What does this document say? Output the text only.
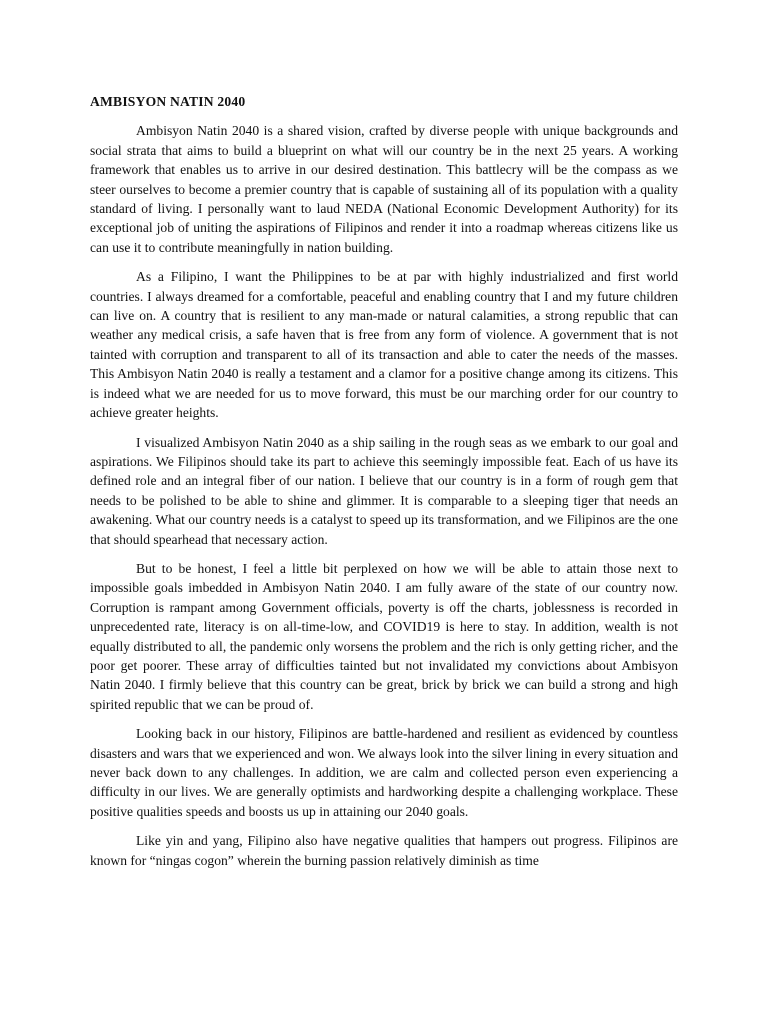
AMBISYON NATIN 2040

Ambisyon Natin 2040 is a shared vision, crafted by diverse people with unique backgrounds and social strata that aims to build a blueprint on what will our country be in the next 25 years. A working framework that enables us to arrive in our desired destination. This battlecry will be the compass as we steer ourselves to become a premier country that is capable of sustaining all of its population with a quality standard of living. I personally want to laud NEDA (National Economic Development Authority) for its exceptional job of uniting the aspirations of Filipinos and render it into a roadmap whereas citizens like us can use it to contribute meaningfully in nation building.

As a Filipino, I want the Philippines to be at par with highly industrialized and first world countries. I always dreamed for a comfortable, peaceful and enabling country that I and my future children can live on. A country that is resilient to any man-made or natural calamities, a strong republic that can weather any medical crisis, a safe haven that is free from any form of violence. A government that is not tainted with corruption and transparent to all of its transaction and able to cater the needs of the masses. This Ambisyon Natin 2040 is really a testament and a clamor for a positive change among its citizens. This is indeed what we are needed for us to move forward, this must be our marching order for our country to achieve greater heights.

I visualized Ambisyon Natin 2040 as a ship sailing in the rough seas as we embark to our goal and aspirations. We Filipinos should take its part to achieve this seemingly impossible feat. Each of us have its defined role and an integral fiber of our nation. I believe that our country is in a form of rough gem that needs to be polished to be able to shine and glimmer. It is comparable to a sleeping tiger that needs an awakening. What our country needs is a catalyst to speed up its transformation, and we Filipinos are the one that should spearhead that necessary action.

But to be honest, I feel a little bit perplexed on how we will be able to attain those next to impossible goals imbedded in Ambisyon Natin 2040. I am fully aware of the state of our country now. Corruption is rampant among Government officials, poverty is off the charts, joblessness is recorded in unprecedented rate, literacy is on all-time-low, and COVID19 is here to stay. In addition, wealth is not equally distributed to all, the pandemic only worsens the problem and the rich is only getting richer, and the poor get poorer. These array of difficulties tainted but not invalidated my convictions about Ambisyon Natin 2040. I firmly believe that this country can be great, brick by brick we can build a strong and high spirited republic that we can be proud of.

Looking back in our history, Filipinos are battle-hardened and resilient as evidenced by countless disasters and wars that we experienced and won. We always look into the silver lining in every situation and never back down to any challenges. In addition, we are calm and collected person even experiencing a difficulty in our lives. We are generally optimists and hardworking despite a challenging workplace. These positive qualities speeds and boosts us up in attaining our 2040 goals.

Like yin and yang, Filipino also have negative qualities that hampers out progress. Filipinos are known for “ningas cogon” wherein the burning passion relatively diminish as time
